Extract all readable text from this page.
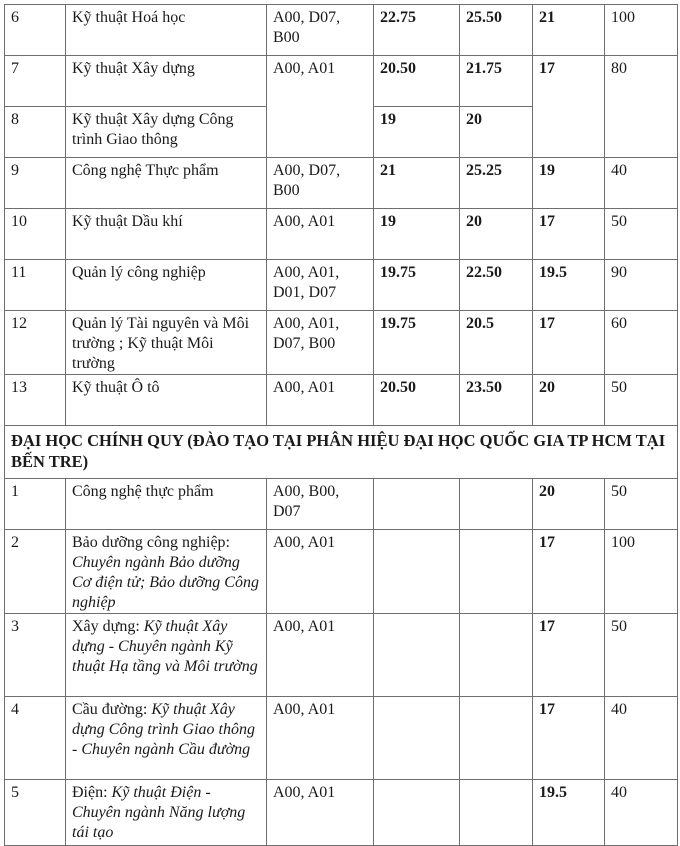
6	Kỹ thuật Hoá học	A00, D07, B00	22.75	25.50	21	100
7	Kỹ thuật Xây dựng	A00, A01	20.50	21.75	17	80
8	Kỹ thuật Xây dựng Công trình Giao thông		19	20		
9	Công nghệ Thực phẩm	A00, D07, B00	21	25.25	19	40
10	Kỹ thuật Dầu khí	A00, A01	19	20	17	50
11	Quản lý công nghiệp	A00, A01, D01, D07	19.75	22.50	19.5	90
12	Quản lý Tài nguyên và Môi trường ; Kỹ thuật Môi trường	A00, A01, D07, B00	19.75	20.5	17	60
13	Kỹ thuật Ô tô	A00, A01	20.50	23.50	20	50
ĐẠI HỌC CHÍNH QUY (ĐÀO TẠO TẠI PHÂN HIỆU ĐẠI HỌC QUỐC GIA TP HCM TẠI BẾN TRE)						
1	Công nghệ thực phẩm	A00, B00, D07			20	50
2	Bảo dưỡng công nghiệp: Chuyên ngành Bảo dưỡng Cơ điện tử; Bảo dưỡng Công nghiệp	A00, A01			17	100
3	Xây dựng: Kỹ thuật Xây dựng - Chuyên ngành Kỹ thuật Hạ tầng và Môi trường	A00, A01			17	50
4	Cầu đường: Kỹ thuật Xây dựng Công trình Giao thông - Chuyên ngành Cầu đường	A00, A01			17	40
5	Điện: Kỹ thuật Điện - Chuyên ngành Năng lượng tái tạo	A00, A01			19.5	40
